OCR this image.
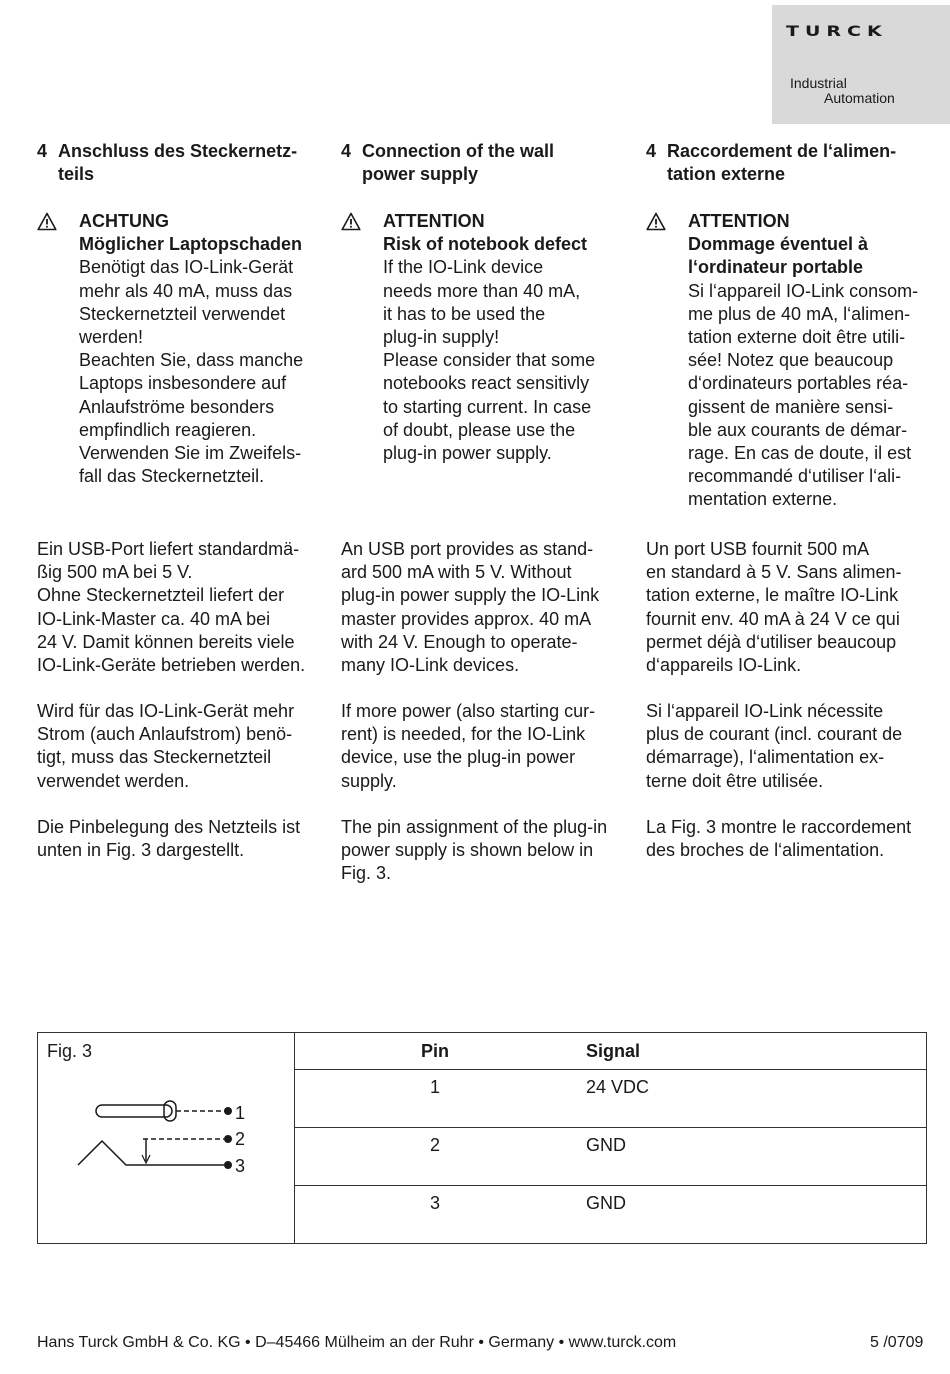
TURCK
Industrial
Automation
4 Anschluss des Steckernetz-
teils
ACHTUNG
Möglicher Laptopschaden
Benötigt das IO-Link-Gerät
mehr als 40 mA, muss das
Steckernetzteil verwendet
werden!
Beachten Sie, dass manche
Laptops insbesondere auf
Anlaufströme besonders
empfindlich reagieren.
Verwenden Sie im Zweifels-
fall das Steckernetzteil.
Ein USB-Port liefert standardmä-
ßig 500 mA bei 5 V.
Ohne Steckernetzteil liefert der
IO-Link-Master ca. 40 mA bei
24 V. Damit können bereits viele
IO-Link-Geräte betrieben werden.
Wird für das IO-Link-Gerät mehr
Strom (auch Anlaufstrom) benö-
tigt, muss das Steckernetzteil
verwendet werden.
Die Pinbelegung des Netzteils ist
unten in Fig. 3 dargestellt.
4 Connection of the wall
power supply
ATTENTION
Risk of notebook defect
If the IO-Link device
needs more than 40 mA,
it has to be used the
plug-in supply!
Please consider that some
notebooks react sensitivly
to starting current. In case
of doubt, please use the
plug-in power supply.
An USB port provides as stand-
ard 500 mA with 5 V. Without
plug-in power supply the IO-Link
master provides approx. 40 mA
with 24 V. Enough to operate-
many IO-Link devices.
If more power (also starting cur-
rent) is needed, for the IO-Link
device, use the plug-in power
supply.
The pin assignment of the plug-in
power supply is shown below in
Fig. 3.
4 Raccordement de l‘alimen-
tation externe
ATTENTION
Dommage éventuel à
l‘ordinateur portable
Si l‘appareil IO-Link consom-
me plus de 40 mA, l‘alimen-
tation externe doit être utili-
sée! Notez que beaucoup
d‘ordinateurs portables réa-
gissent de manière sensi-
ble aux courants de démar-
rage. En cas de doute, il est
recommandé d‘utiliser l‘ali-
mentation externe.
Un port USB fournit 500 mA
en standard à 5 V. Sans alimen-
tation externe, le maître IO-Link
fournit env. 40 mA à 24 V ce qui
permet déjà d‘utiliser beaucoup
d‘appareils IO-Link.
Si l‘appareil IO-Link nécessite
plus de courant (incl. courant de
démarrage), l‘alimentation ex-
terne doit être utilisée.
La Fig. 3 montre le raccordement
des broches de l‘alimentation.
Fig. 3
1
2
3
Pin	Signal
1	24 VDC
2	GND
3	GND
Hans Turck GmbH & Co. KG • D–45466 Mülheim an der Ruhr • Germany • www.turck.com	5 /0709
